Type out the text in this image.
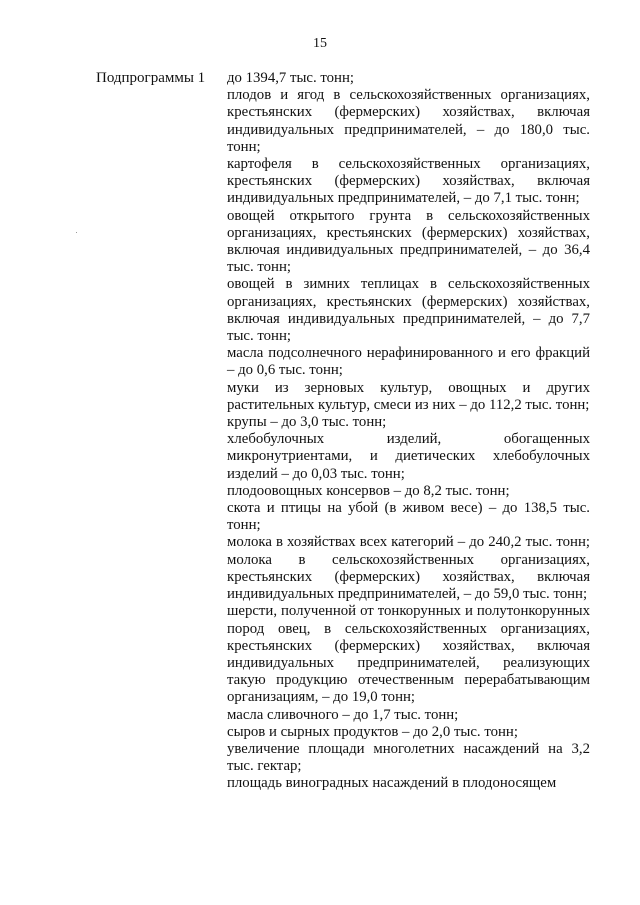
15
Подпрограммы 1 до 1394,7 тыс. тонн;

плодов и ягод в сельскохозяйственных организациях, крестьянских (фермерских) хозяйствах, включая индивидуальных предпринимателей, – до 180,0 тыс. тонн;

картофеля в сельскохозяйственных организациях, крестьянских (фермерских) хозяйствах, включая индивидуальных предпринимателей, – до 7,1 тыс. тонн;

овощей открытого грунта в сельскохозяйственных организациях, крестьянских (фермерских) хозяйствах, включая индивидуальных предпринимателей, – до 36,4 тыс. тонн;

овощей в зимних теплицах в сельскохозяйственных организациях, крестьянских (фермерских) хозяйствах, включая индивидуальных предпринимателей, – до 7,7 тыс. тонн;

масла подсолнечного нерафинированного и его фракций – до 0,6 тыс. тонн;

муки из зерновых культур, овощных и других растительных культур, смеси из них – до 112,2 тыс. тонн;

крупы – до 3,0 тыс. тонн;

хлебобулочных изделий, обогащенных микронутриентами, и диетических хлебобулочных изделий – до 0,03 тыс. тонн;

плодоовощных консервов – до 8,2 тыс. тонн;

скота и птицы на убой (в живом весе) – до 138,5 тыс. тонн;

молока в хозяйствах всех категорий – до 240,2 тыс. тонн; молока в сельскохозяйственных организациях, крестьянских (фермерских) хозяйствах, включая индивидуальных предпринимателей, – до 59,0 тыс. тонн;

шерсти, полученной от тонкорунных и полутонкорунных пород овец, в сельскохозяйственных организациях, крестьянских (фермерских) хозяйствах, включая индивидуальных предпринимателей, реализующих такую продукцию отечественным перерабатывающим организациям, – до 19,0 тонн;

масла сливочного – до 1,7 тыс. тонн;

сыров и сырных продуктов – до 2,0 тыс. тонн;

увеличение площади многолетних насаждений на 3,2 тыс. гектар;

площадь виноградных насаждений в плодоносящем
